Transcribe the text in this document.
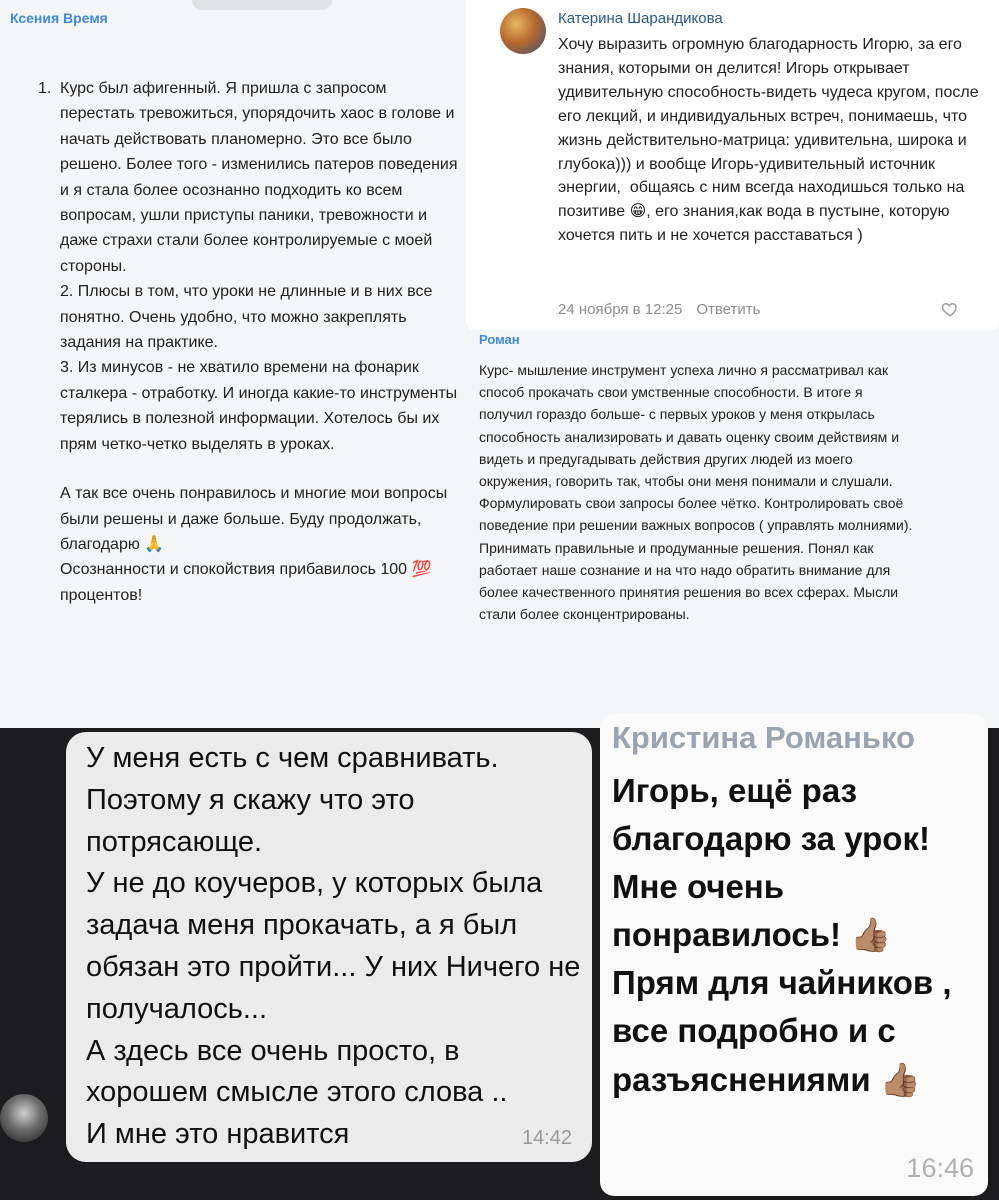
Ксения Время

1. Курс был афигенный. Я пришла с запросом перестать тревожиться, упорядочить хаос в голове и начать действовать планомерно. Это все было решено. Более того - изменились патеров поведения и я стала более осознанно подходить ко всем вопросам, ушли приступы паники, тревожности и даже страхи стали более контролируемые с моей стороны.

2. Плюсы в том, что уроки не длинные и в них все понятно. Очень удобно, что можно закреплять задания на практике.

3. Из минусов - не хватило времени на фонарик сталкера - отработку. И иногда какие-то инструменты терялись в полезной информации. Хотелось бы их прям четко-четко выделять в уроках.

А так все очень понравилось и многие мои вопросы были решены и даже больше. Буду продолжать, благодарю 🙏
Осознанности и спокойствия прибавилось 100 💯 процентов!

Катерина Шарандикова
Хочу выразить огромную благодарность Игорю, за его знания, которыми он делится! Игорь открывает удивительную способность-видеть чудеса кругом, после его лекций, и индивидуальных встреч, понимаешь, что жизнь действительно-матрица: удивительна, широка и глубока))) и вообще Игорь-удивительный источник энергии,  общаясь с ним всегда находишься только на позитиве 😁, его знания,как вода в пустыне, которую хочется пить и не хочется расставаться )
24 ноября в 12:25 Ответить
Роман
Курс- мышление инструмент успеха лично я рассматривал как способ прокачать свои умственные способности. В итоге я получил гораздо больше- с первых уроков у меня открылась способность анализировать и давать оценку своим действиям и видеть и предугадывать действия других людей из моего окружения, говорить так, чтобы они меня понимали и слушали. Формулировать свои запросы более чётко. Контролировать своё поведение при решении важных вопросов ( управлять молниями). Принимать правильные и продуманные решения. Понял как работает наше сознание и на что надо обратить внимание для более качественного принятия решения во всех сферах. Мысли стали более сконцентрированы.
У меня есть с чем сравнивать. Поэтому я скажу что это потрясающе.
У не до коучеров, у которых была задача меня прокачать, а я был обязан это пройти... У них Ничего не получалось...
А здесь все очень просто, в хорошем смысле этого слова ..
И мне это нравится	14:42
Кристина Романько
Игорь, ещё раз благодарю за урок! Мне очень понравилось! 👍🏽
Прям для чайников , все подробно и с разъяснениями 👍🏽
16:46
